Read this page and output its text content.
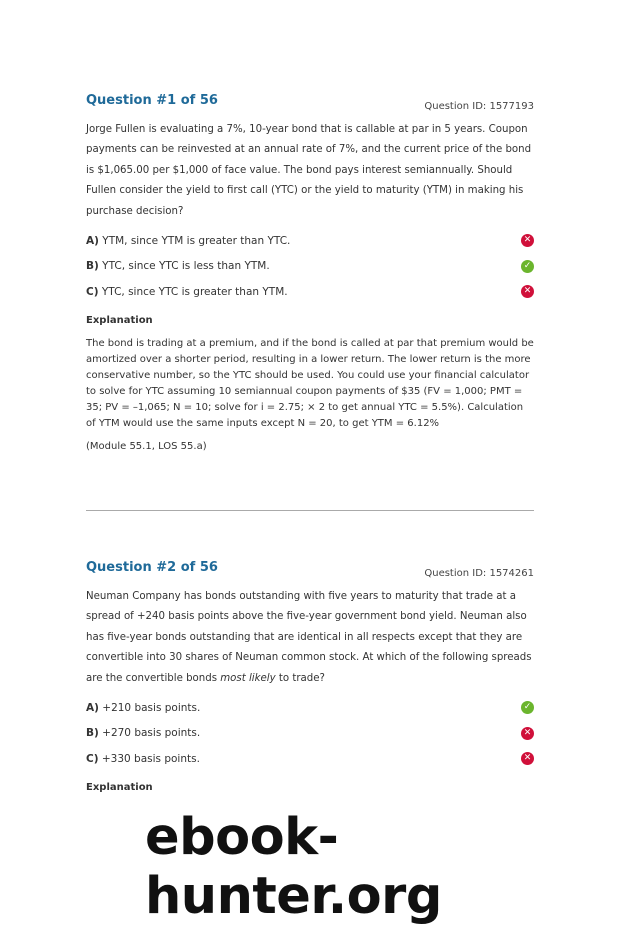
Question #1 of 56	Question ID: 1577193
Jorge Fullen is evaluating a 7%, 10-year bond that is callable at par in 5 years. Coupon payments can be reinvested at an annual rate of 7%, and the current price of the bond is $1,065.00 per $1,000 of face value. The bond pays interest semiannually. Should Fullen consider the yield to first call (YTC) or the yield to maturity (YTM) in making his purchase decision?
A) YTM, since YTM is greater than YTC.	✕
B) YTC, since YTC is less than YTM.	✓
C) YTC, since YTC is greater than YTM.	✕
Explanation
The bond is trading at a premium, and if the bond is called at par that premium would be amortized over a shorter period, resulting in a lower return. The lower return is the more conservative number, so the YTC should be used. You could use your financial calculator to solve for YTC assuming 10 semiannual coupon payments of $35 (FV = 1,000; PMT = 35; PV = –1,065; N = 10; solve for i = 2.75; × 2 to get annual YTC = 5.5%). Calculation of YTM would use the same inputs except N = 20, to get YTM = 6.12%
(Module 55.1, LOS 55.a)
Question #2 of 56	Question ID: 1574261
Neuman Company has bonds outstanding with five years to maturity that trade at a spread of +240 basis points above the five-year government bond yield. Neuman also has five-year bonds outstanding that are identical in all respects except that they are convertible into 30 shares of Neuman common stock. At which of the following spreads are the convertible bonds most likely to trade?
A) +210 basis points.	✓
B) +270 basis points.	✕
C) +330 basis points.	✕
Explanation
ebook-hunter.org
